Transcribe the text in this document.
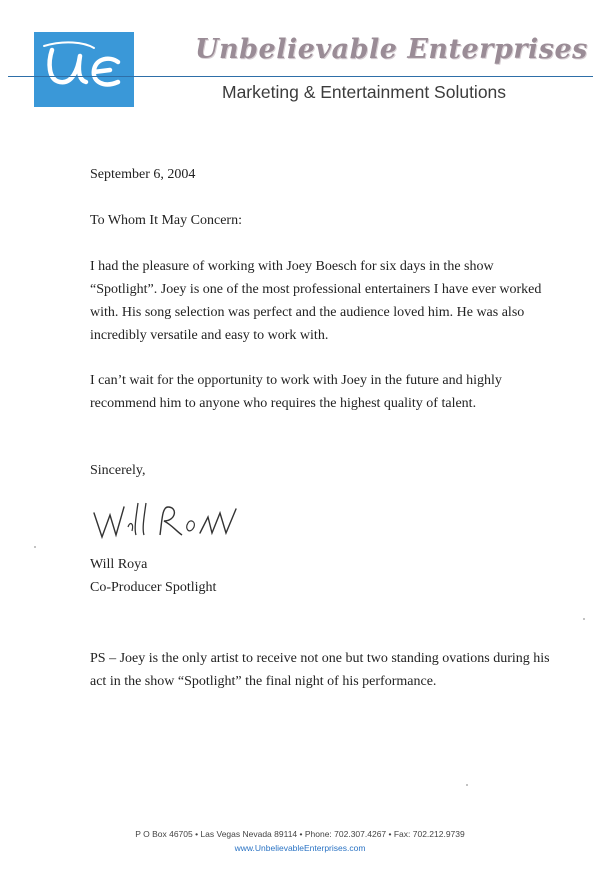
Unbelievable Enterprises
Marketing & Entertainment Solutions
September 6, 2004
To Whom It May Concern:

I had the pleasure of working with Joey Boesch for six days in the show “Spotlight”. Joey is one of the most professional entertainers I have ever worked with. His song selection was perfect and the audience loved him. He was also incredibly versatile and easy to work with.

I can’t wait for the opportunity to work with Joey in the future and highly recommend him to anyone who requires the highest quality of talent.

Sincerely,
Will Roya
Co-Producer Spotlight

PS – Joey is the only artist to receive not one but two standing ovations during his act in the show “Spotlight” the final night of his performance.

P O Box 46705 • Las Vegas Nevada 89114 • Phone: 702.307.4267 • Fax: 702.212.9739
www.UnbelievableEnterprises.com
